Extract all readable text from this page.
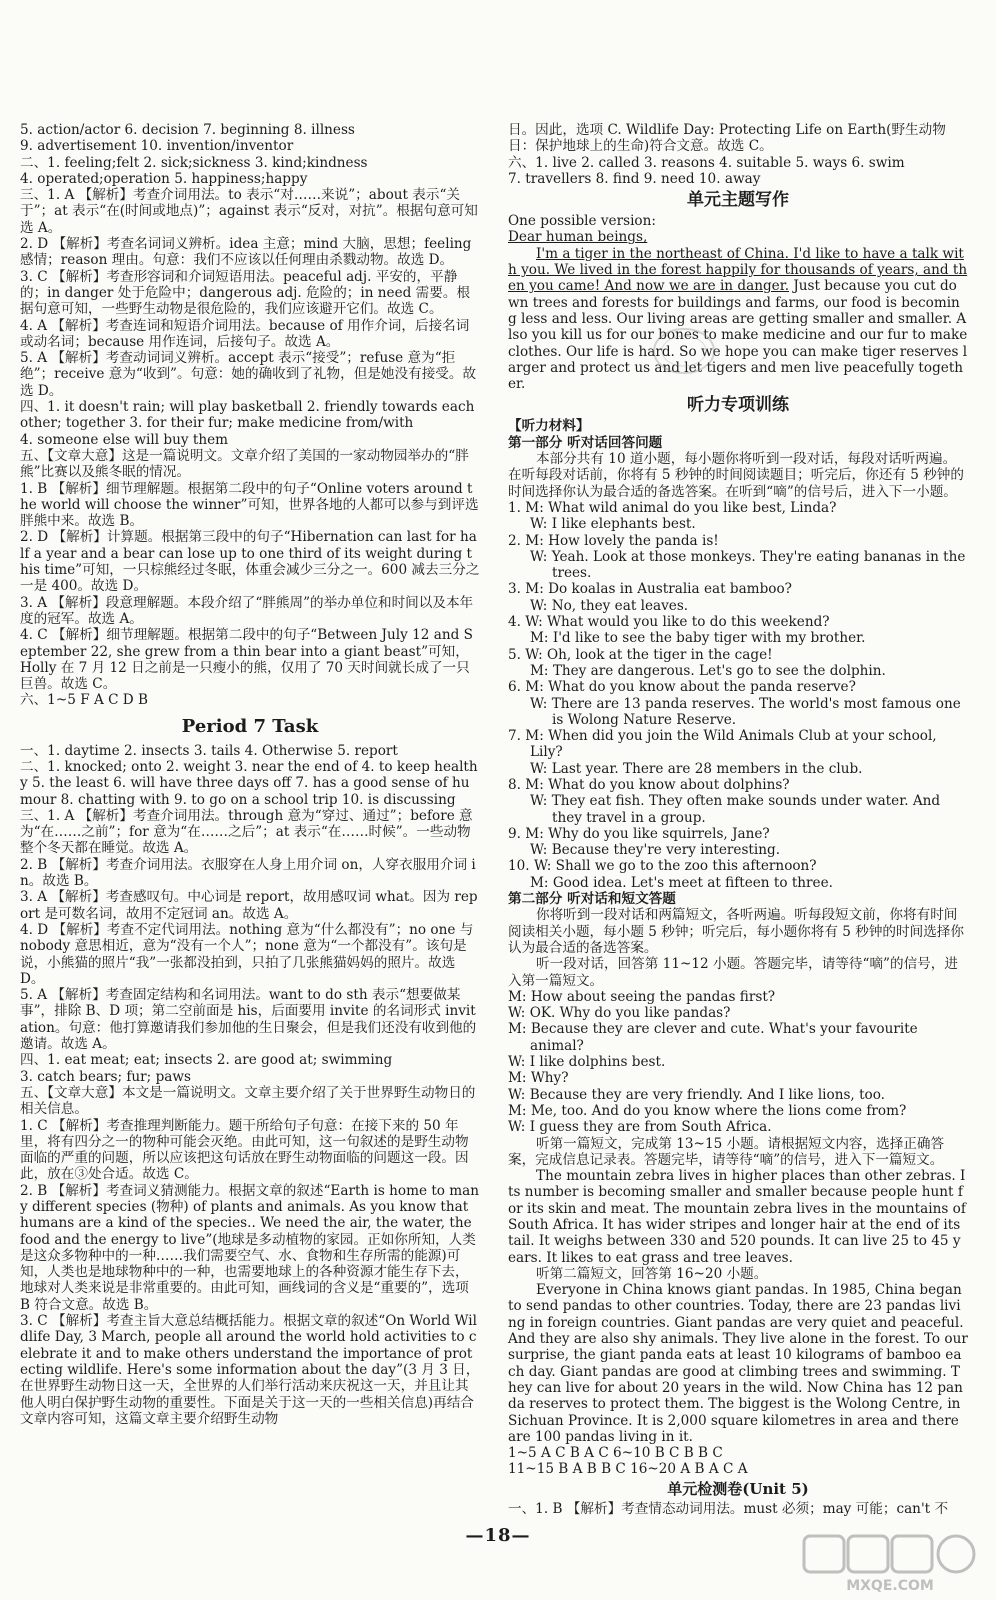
5. action/actor 6. decision 7. beginning 8. illness

9. advertisement 10. invention/inventor

二、1. feeling;felt 2. sick;sickness 3. kind;kindness

4. operated;operation 5. happiness;happy

三、1. A 【解析】考查介词用法。to 表示“对……来说”；about 表示“关于”；at 表示“在(时间或地点)”；against 表示“反对，对抗”。根据句意可知选 A。

2. D 【解析】考查名词词义辨析。idea 主意；mind 大脑，思想；feeling 感情；reason 理由。句意：我们不应该以任何理由杀戮动物。故选 D。

3. C 【解析】考查形容词和介词短语用法。peaceful adj. 平安的，平静的；in danger 处于危险中；dangerous adj. 危险的；in need 需要。根据句意可知，一些野生动物是很危险的，我们应该避开它们。故选 C。

4. A 【解析】考查连词和短语介词用法。because of 用作介词，后接名词或动名词；because 用作连词，后接句子。故选 A。

5. A 【解析】考查动词词义辨析。accept 表示“接受”；refuse 意为“拒绝”；receive 意为“收到”。句意：她的确收到了礼物，但是她没有接受。故选 D。

四、1. it doesn't rain; will play basketball 2. friendly towards each other; together 3. for their fur; make medicine from/with

4. someone else will buy them

五、【文章大意】这是一篇说明文。文章介绍了美国的一家动物园举办的“胖熊”比赛以及熊冬眠的情况。

1. B 【解析】细节理解题。根据第二段中的句子“Online voters around the world will choose the winner”可知，世界各地的人都可以参与到评选胖熊中来。故选 B。

2. D 【解析】计算题。根据第三段中的句子“Hibernation can last for half a year and a bear can lose up to one third of its weight during this time”可知，一只棕熊经过冬眠，体重会减少三分之一。600 减去三分之一是 400。故选 D。

3. A 【解析】段意理解题。本段介绍了“胖熊周”的举办单位和时间以及本年度的冠军。故选 A。

4. C 【解析】细节理解题。根据第二段中的句子“Between July 12 and September 22, she grew from a thin bear into a giant beast”可知，Holly 在 7 月 12 日之前是一只瘦小的熊，仅用了 70 天时间就长成了一只巨兽。故选 C。

六、1~5 F A C D B

Period 7 Task

一、1. daytime 2. insects 3. tails 4. Otherwise 5. report

二、1. knocked; onto 2. weight 3. near the end of 4. to keep healthy 5. the least 6. will have three days off 7. has a good sense of humour 8. chatting with 9. to go on a school trip 10. is discussing

三、1. A 【解析】考查介词用法。through 意为“穿过、通过”；before 意为“在……之前”；for 意为“在……之后”；at 表示“在……时候”。一些动物整个冬天都在睡觉。故选 A。

2. B 【解析】考查介词用法。衣服穿在人身上用介词 on，人穿衣服用介词 in。故选 B。

3. A 【解析】考查感叹句。中心词是 report，故用感叹词 what。因为 report 是可数名词，故用不定冠词 an。故选 A。

4. D 【解析】考查不定代词用法。nothing 意为“什么都没有”；no one 与 nobody 意思相近，意为“没有一个人”；none 意为“一个都没有”。该句是说，小熊猫的照片“我”一张都没拍到，只拍了几张熊猫妈妈的照片。故选 D。

5. A 【解析】考查固定结构和名词用法。want to do sth 表示“想要做某事”，排除 B、D 项；第二空前面是 his，后面要用 invite 的名词形式 invitation。句意：他打算邀请我们参加他的生日聚会，但是我们还没有收到他的邀请。故选 A。

四、1. eat meat; eat; insects 2. are good at; swimming

3. catch bears; fur; paws

五、【文章大意】本文是一篇说明文。文章主要介绍了关于世界野生动物日的相关信息。

1. C 【解析】考查推理判断能力。题干所给句子句意：在接下来的 50 年里，将有四分之一的物种可能会灭绝。由此可知，这一句叙述的是野生动物面临的严重的问题，所以应该把这句话放在野生动物面临的问题这一段。因此，放在③处合适。故选 C。

2. B 【解析】考查词义猜测能力。根据文章的叙述“Earth is home to many different species (物种) of plants and animals. As you know that humans are a kind of the species.. We need the air, the water, the food and the energy to live”(地球是多动植物的家园。正如你所知，人类是这众多物种中的一种……我们需要空气、水、食物和生存所需的能源)可知，人类也是地球物种中的一种，也需要地球上的各种资源才能生存下去，地球对人类来说是非常重要的。由此可知，画线词的含义是“重要的”，选项 B 符合文意。故选 B。

3. C 【解析】考查主旨大意总结概括能力。根据文章的叙述“On World Wildlife Day, 3 March, people all around the world hold activities to celebrate it and to make others understand the importance of protecting wildlife. Here's some information about the day”(3 月 3 日，在世界野生动物日这一天，全世界的人们举行活动来庆祝这一天，并且让其他人明白保护野生动物的重要性。下面是关于这一天的一些相关信息)再结合文章内容可知，这篇文章主要介绍野生动物

日。因此，选项 C. Wildlife Day: Protecting Life on Earth(野生动物日：保护地球上的生命)符合文意。故选 C。

六、1. live 2. called 3. reasons 4. suitable 5. ways 6. swim

7. travellers 8. find 9. need 10. away

单元主题写作

One possible version:

Dear human beings,

I'm a tiger in the northeast of China. I'd like to have a talk with you. We lived in the forest happily for thousands of years, and then you came! And now we are in danger. Just because you cut down trees and forests for buildings and farms, our food is becoming less and less. Our living areas are getting smaller and smaller. Also you kill us for our bones to make medicine and our fur to make clothes. Our life is hard. So we hope you can make tiger reserves larger and protect us and let tigers and men live peacefully together.

听力专项训练

【听力材料】

第一部分 听对话回答问题

本部分共有 10 道小题，每小题你将听到一段对话，每段对话听两遍。在听每段对话前，你将有 5 秒钟的时间阅读题目；听完后，你还有 5 秒钟的时间选择你认为最合适的备选答案。在听到“嘀”的信号后，进入下一小题。

1. M: What wild animal do you like best, Linda?
W: I like elephants best.
2. M: How lovely the panda is!
W: Yeah. Look at those monkeys. They're eating bananas in the trees.
3. M: Do koalas in Australia eat bamboo?
W: No, they eat leaves.
4. W: What would you like to do this weekend?
M: I'd like to see the baby tiger with my brother.
5. W: Oh, look at the tiger in the cage!
M: They are dangerous. Let's go to see the dolphin.
6. M: What do you know about the panda reserve?
W: There are 13 panda reserves. The world's most famous one is Wolong Nature Reserve.
7. M: When did you join the Wild Animals Club at your school, Lily?
W: Last year. There are 28 members in the club.
8. M: What do you know about dolphins?
W: They eat fish. They often make sounds under water. And they travel in a group.
9. M: Why do you like squirrels, Jane?
W: Because they're very interesting.
10. W: Shall we go to the zoo this afternoon?
M: Good idea. Let's meet at fifteen to three.

第二部分 听对话和短文答题

你将听到一段对话和两篇短文，各听两遍。听每段短文前，你将有时间阅读相关小题，每小题 5 秒钟；听完后，每小题你将有 5 秒钟的时间选择你认为最合适的备选答案。

听一段对话，回答第 11~12 小题。答题完毕，请等待“嘀”的信号，进入第一篇短文。

M: How about seeing the pandas first?
W: OK. Why do you like pandas?
M: Because they are clever and cute. What's your favourite animal?
W: I like dolphins best.
M: Why?
W: Because they are very friendly. And I like lions, too.
M: Me, too. And do you know where the lions come from?
W: I guess they are from South Africa.

听第一篇短文，完成第 13~15 小题。请根据短文内容，选择正确答案，完成信息记录表。答题完毕，请等待“嘀”的信号，进入下一篇短文。

The mountain zebra lives in higher places than other zebras. Its number is becoming smaller and smaller because people hunt for its skin and meat. The mountain zebra lives in the mountains of South Africa. It has wider stripes and longer hair at the end of its tail. It weighs between 330 and 520 pounds. It can live 25 to 45 years. It likes to eat grass and tree leaves.

听第二篇短文，回答第 16~20 小题。

Everyone in China knows giant pandas. In 1985, China began to send pandas to other countries. Today, there are 23 pandas living in foreign countries. Giant pandas are very quiet and peaceful. And they are also shy animals. They live alone in the forest. To our surprise, the giant panda eats at least 10 kilograms of bamboo each day. Giant pandas are good at climbing trees and swimming. They can live for about 20 years in the wild. Now China has 12 panda reserves to protect them. The biggest is the Wolong Centre, in Sichuan Province. It is 2,000 square kilometres in area and there are 100 pandas living in it.

1~5 A C B A C 6~10 B C B B C

11~15 B A B B C 16~20 A B A C A

单元检测卷(Unit 5)

一、1. B 【解析】考查情态动词用法。must 必须；may 可能；can't 不

—18—
MXQE.COM
